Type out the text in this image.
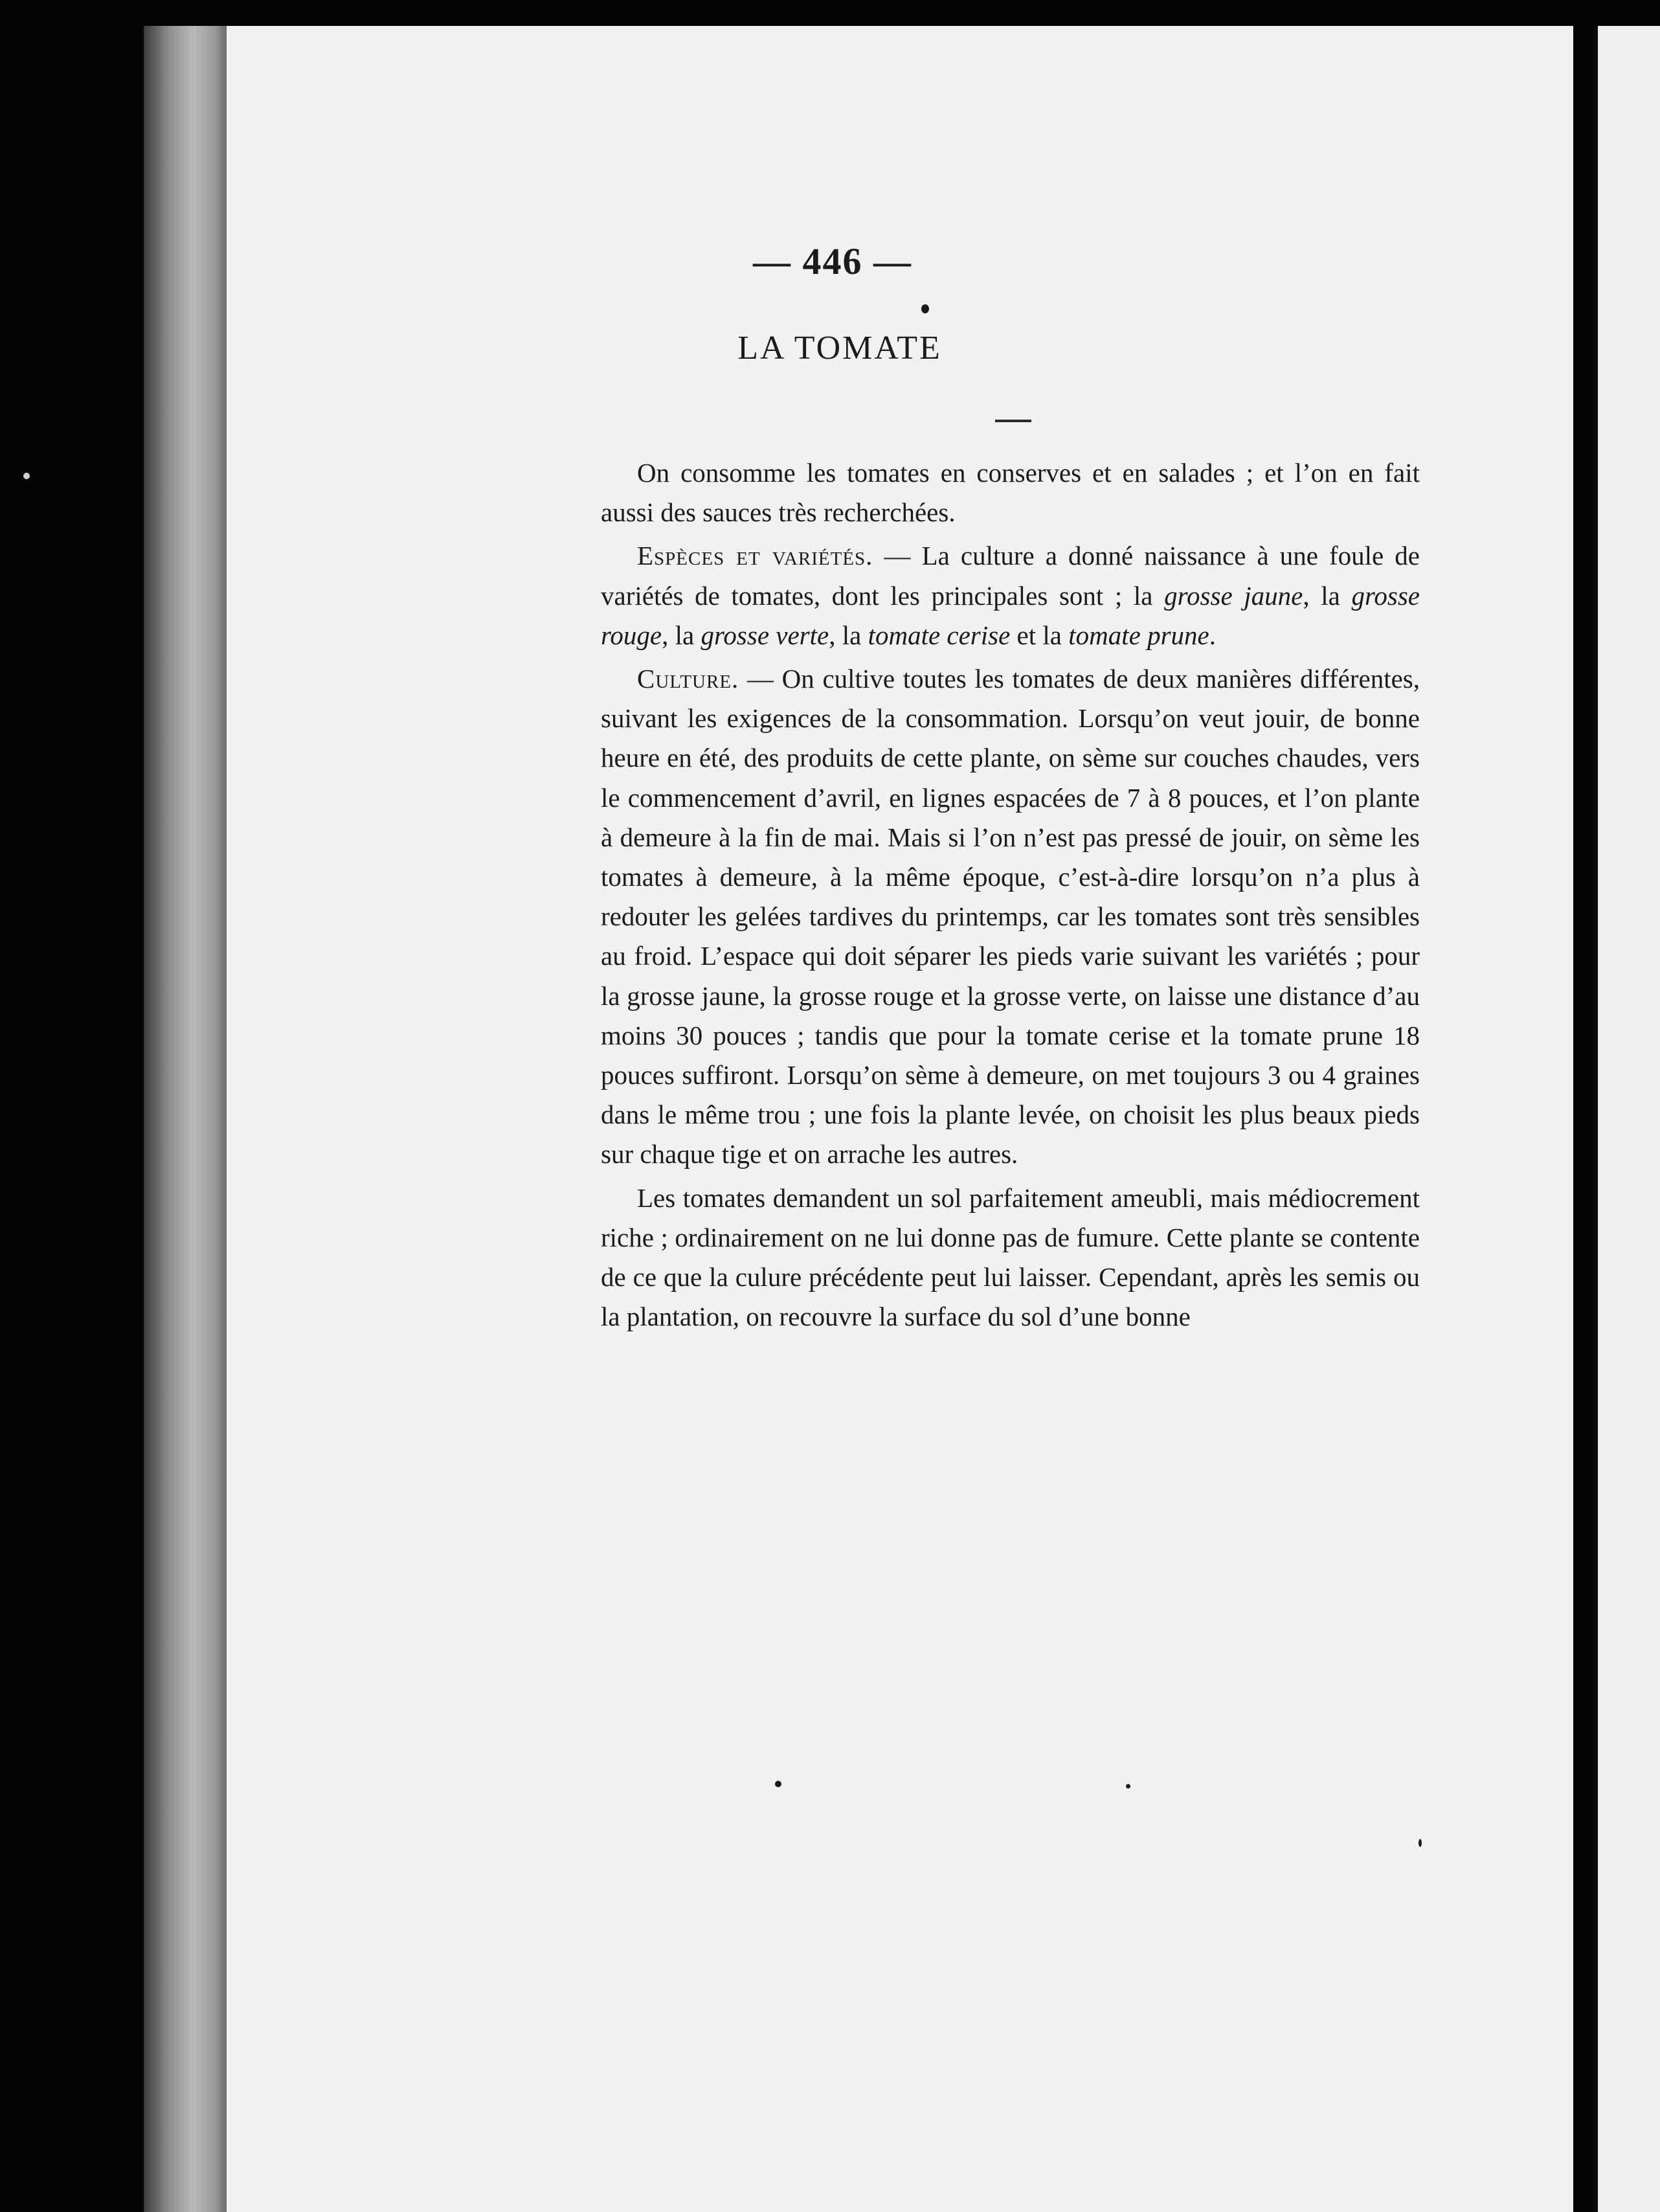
— 446 —
LA TOMATE

On consomme les tomates en conserves et en salades ; et l’on en fait aussi des sauces très recherchées.

Espèces et variétés. — La culture a donné naissance à une foule de variétés de tomates, dont les principales sont ; la grosse jaune, la grosse rouge, la grosse verte, la tomate cerise et la tomate prune.

Culture. — On cultive toutes les tomates de deux manières différentes, suivant les exigences de la consommation. Lorsqu’on veut jouir, de bonne heure en été, des produits de cette plante, on sème sur couches chaudes, vers le commencement d’avril, en lignes espacées de 7 à 8 pouces, et l’on plante à demeure à la fin de mai. Mais si l’on n’est pas pressé de jouir, on sème les tomates à demeure, à la même époque, c’est-à-dire lorsqu’on n’a plus à redouter les gelées tardives du printemps, car les tomates sont très sensibles au froid. L’espace qui doit séparer les pieds varie suivant les variétés ; pour la grosse jaune, la grosse rouge et la grosse verte, on laisse une distance d’au moins 30 pouces ; tandis que pour la tomate cerise et la tomate prune 18 pouces suffiront. Lorsqu’on sème à demeure, on met toujours 3 ou 4 graines dans le même trou ; une fois la plante levée, on choisit les plus beaux pieds sur chaque tige et on arrache les autres.

Les tomates demandent un sol parfaitement ameubli, mais médiocrement riche ; ordinairement on ne lui donne pas de fumure. Cette plante se contente de ce que la culure précédente peut lui laisser. Cependant, après les semis ou la plantation, on recouvre la surface du sol d’une bonne
